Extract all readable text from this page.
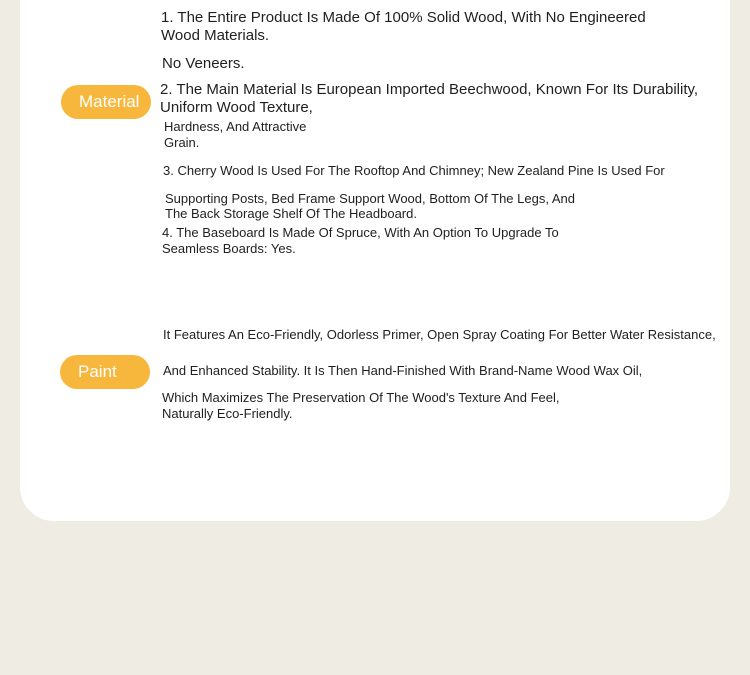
Material
1. The Entire Product Is Made Of 100% Solid Wood, With No Engineered
Wood Materials.
No Veneers.
2. The Main Material Is European Imported Beechwood, Known For Its Durability,
Uniform Wood Texture,
Hardness, And Attractive
Grain.
3. Cherry Wood Is Used For The Rooftop And Chimney; New Zealand Pine Is Used For
Supporting Posts, Bed Frame Support Wood, Bottom Of The Legs, And
The Back Storage Shelf Of The Headboard.
4. The Baseboard Is Made Of Spruce, With An Option To Upgrade To
Seamless Boards: Yes.
Paint
It Features An Eco-Friendly, Odorless Primer, Open Spray Coating For Better Water Resistance,
And Enhanced Stability. It Is Then Hand-Finished With Brand-Name Wood Wax Oil,
Which Maximizes The Preservation Of The Wood's Texture And Feel,
Naturally Eco-Friendly.
